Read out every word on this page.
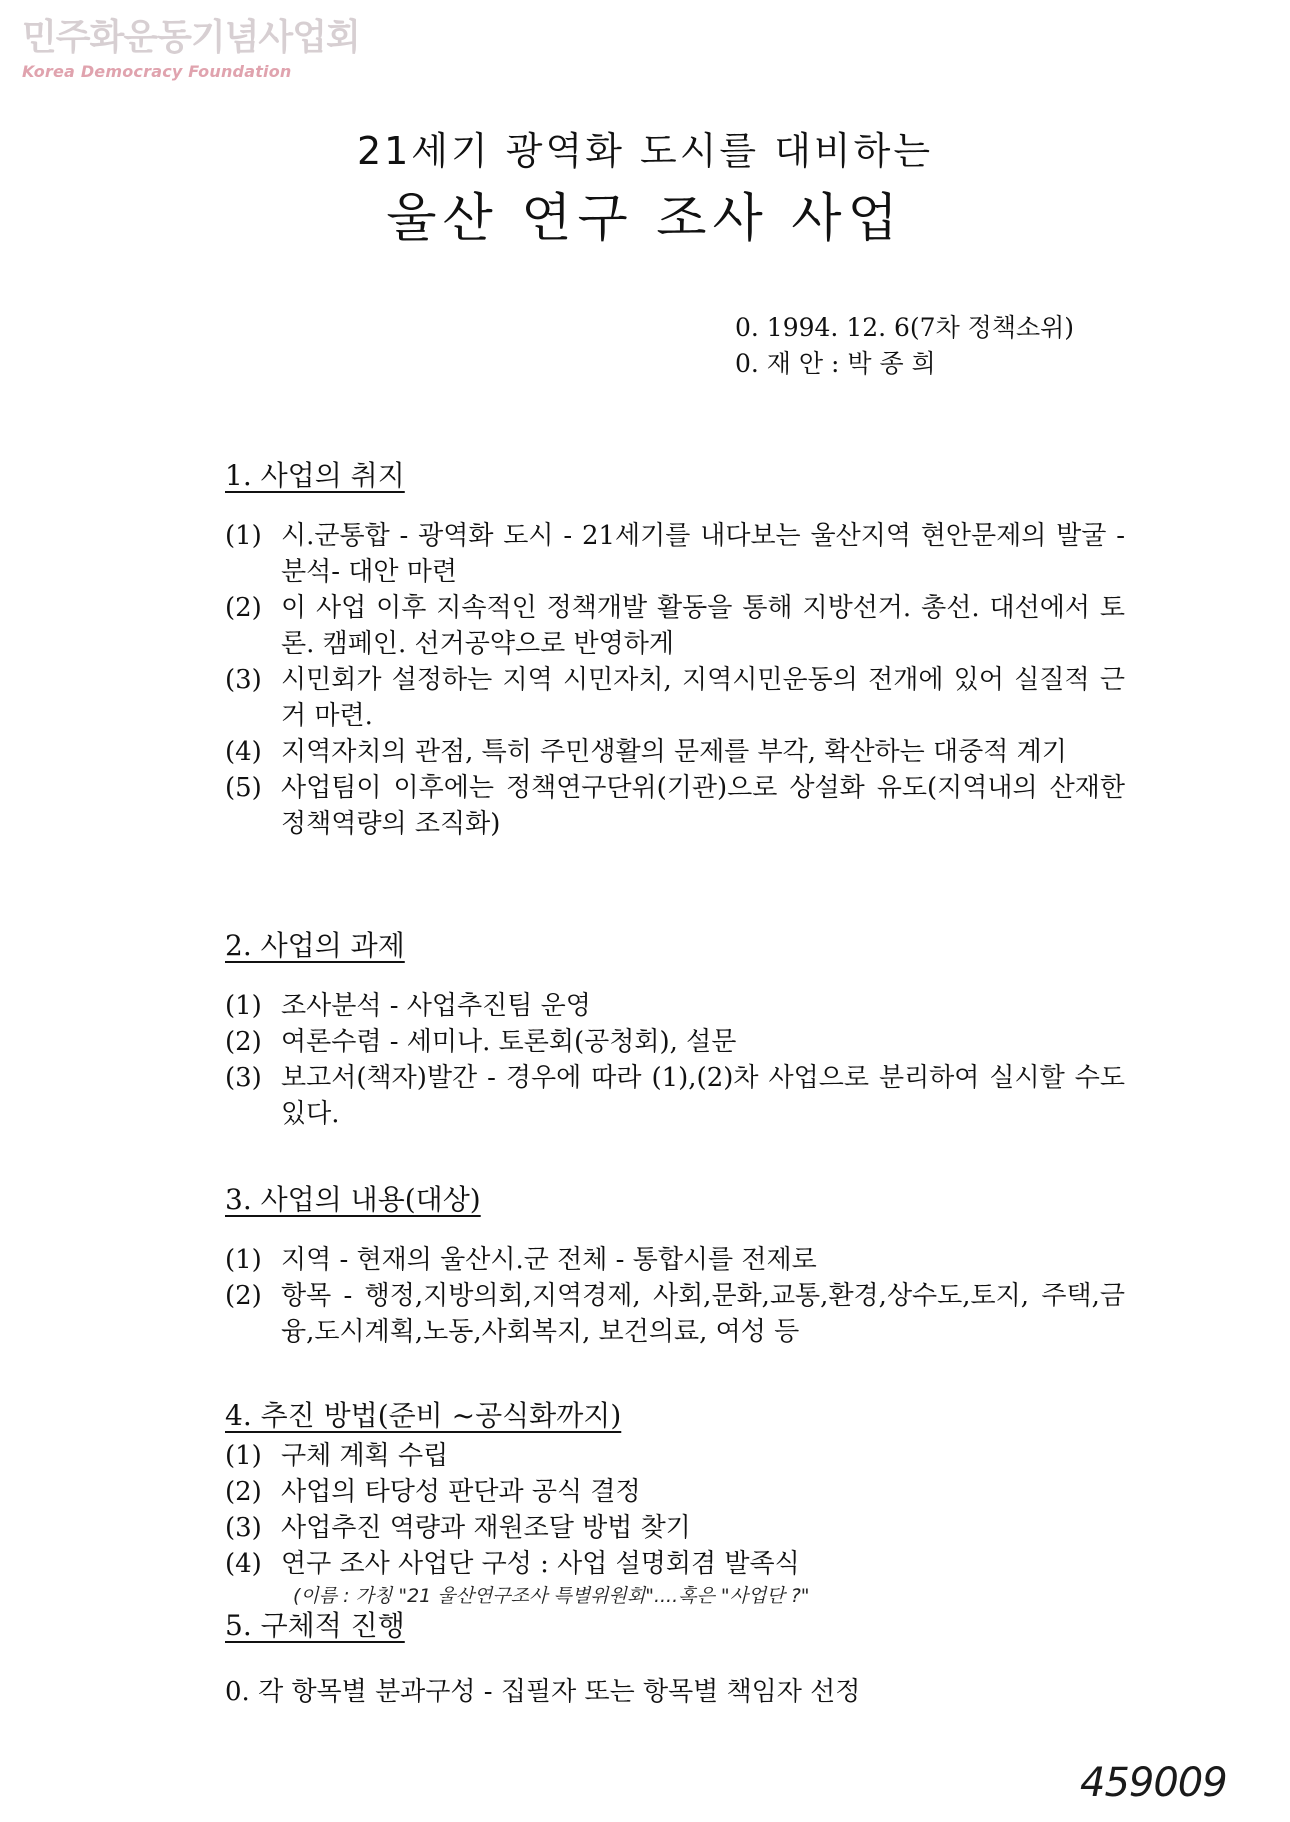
민주화운동기념사업회
Korea Democracy Foundation
21세기 광역화 도시를 대비하는
울산 연구 조사 사업
0. 1994. 12. 6(7차 정책소위)
0. 재 안 : 박 종 희
1. 사업의 취지
(1) 시.군통합 - 광역화 도시 - 21세기를 내다보는 울산지역 현안문제의 발굴 - 분석- 대안 마련
(2) 이 사업 이후 지속적인 정책개발 활동을 통해 지방선거. 총선. 대선에서 토론. 캠페인. 선거공약으로 반영하게
(3) 시민회가 설정하는 지역 시민자치, 지역시민운동의 전개에 있어 실질적 근거 마련.
(4) 지역자치의 관점, 특히 주민생활의 문제를 부각, 확산하는 대중적 계기
(5) 사업팀이 이후에는 정책연구단위(기관)으로 상설화 유도(지역내의 산재한 정책역량의 조직화)
2. 사업의 과제
(1) 조사분석 - 사업추진팀 운영
(2) 여론수렴 - 세미나. 토론회(공청회), 설문
(3) 보고서(책자)발간 - 경우에 따라 (1),(2)차 사업으로 분리하여 실시할 수도 있다.
3. 사업의 내용(대상)
(1) 지역 - 현재의 울산시.군 전체 - 통합시를 전제로
(2) 항목 - 행정,지방의회,지역경제, 사회,문화,교통,환경,상수도,토지, 주택,금융,도시계획,노동,사회복지, 보건의료, 여성 등
4. 추진 방법(준비 ~공식화까지)
(1) 구체 계획 수립
(2) 사업의 타당성 판단과 공식 결정
(3) 사업추진 역량과 재원조달 방법 찾기
(4) 연구 조사 사업단 구성 : 사업 설명회겸 발족식
(이름 : 가칭 "21 울산연구조사 특별위원회"....혹은 "사업단 ?"
5. 구체적 진행
0. 각 항목별 분과구성 - 집필자 또는 항목별 책임자 선정
459009
